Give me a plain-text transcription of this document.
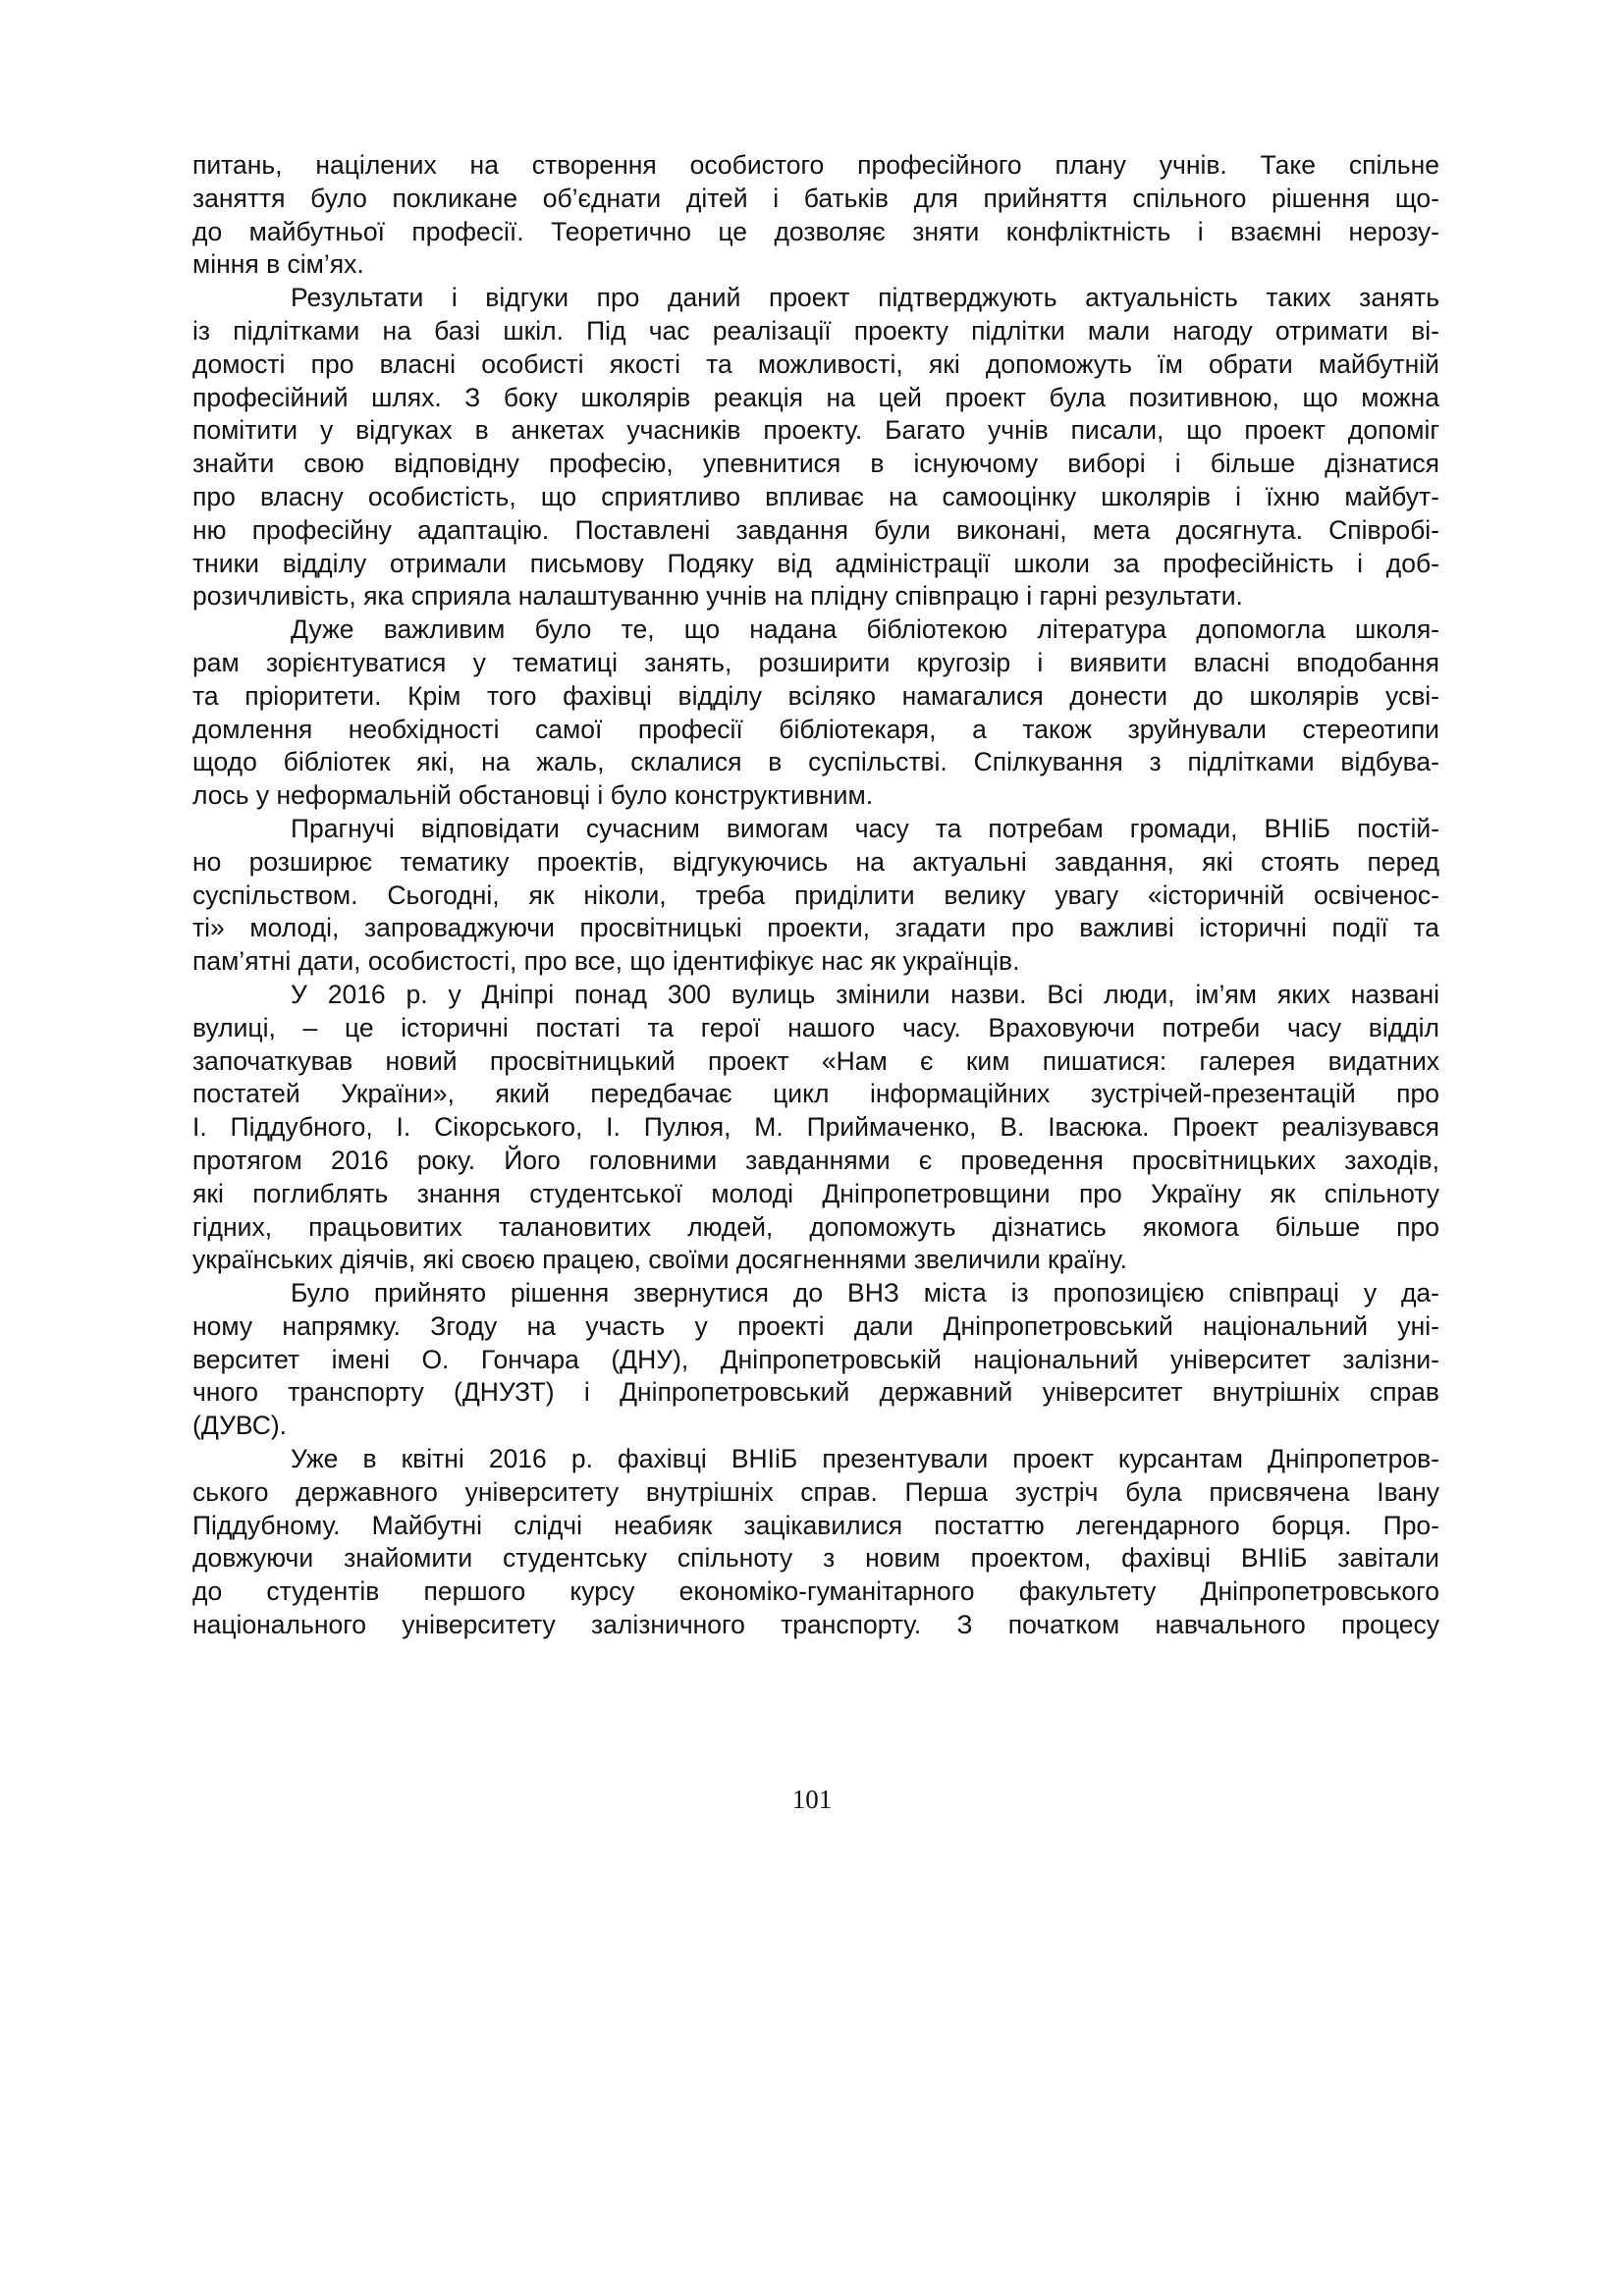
питань, націлених на створення особистого професійного плану учнів. Таке спільне
заняття було покликане об’єднати дітей і батьків для прийняття спільного рішення що-
до майбутньої професії. Теоретично це дозволяє зняти конфліктність і взаємні нерозу-
міння в сім’ях.

Результати і відгуки про даний проект підтверджують актуальність таких занять
із підлітками на базі шкіл. Під час реалізації проекту підлітки мали нагоду отримати ві-
домості про власні особисті якості та можливості, які допоможуть їм обрати майбутній
професійний шлях. З боку школярів реакція на цей проект була позитивною, що можна
помітити у відгуках в анкетах учасників проекту. Багато учнів писали, що проект допоміг
знайти свою відповідну професію, упевнитися в існуючому виборі і більше дізнатися
про власну особистість, що сприятливо впливає на самооцінку школярів і їхню майбут-
ню професійну адаптацію. Поставлені завдання були виконані, мета досягнута. Співробі-
тники відділу отримали письмову Подяку від адміністрації школи за професійність і доб-
розичливість, яка сприяла налаштуванню учнів на плідну співпрацю і гарні результати.

Дуже важливим було те, що надана бібліотекою література допомогла школя-
рам зорієнтуватися у тематиці занять, розширити кругозір і виявити власні вподобання
та пріоритети. Крім того фахівці відділу всіляко намагалися донести до школярів усві-
домлення необхідності самої професії бібліотекаря, а також зруйнували стереотипи
щодо бібліотек які, на жаль, склалися в суспільстві. Спілкування з підлітками відбува-
лось у неформальній обстановці і було конструктивним.

Прагнучі відповідати сучасним вимогам часу та потребам громади, ВНІіБ постій-
но розширює тематику проектів, відгукуючись на актуальні завдання, які стоять перед
суспільством. Сьогодні, як ніколи, треба приділити велику увагу «історичній освіченос-
ті» молоді, запроваджуючи просвітницькі проекти, згадати про важливі історичні події та
пам’ятні дати, особистості, про все, що ідентифікує нас як українців.

У 2016 р. у Дніпрі понад 300 вулиць змінили назви. Всі люди, ім’ям яких названі
вулиці, – це історичні постаті та герої нашого часу. Враховуючи потреби часу відділ
започаткував новий просвітницький проект «Нам є ким пишатися: галерея видатних
постатей України», який передбачає цикл інформаційних зустрічей-презентацій про
І. Піддубного, І. Сікорського, І. Пулюя, М. Приймаченко, В. Івасюка. Проект реалізувався
протягом 2016 року. Його головними завданнями є проведення просвітницьких заходів,
які поглиблять знання студентської молоді Дніпропетровщини про Україну як спільноту
гідних, працьовитих талановитих людей, допоможуть дізнатись якомога більше про
українських діячів, які своєю працею, своїми досягненнями звеличили країну.

Було прийнято рішення звернутися до ВНЗ міста із пропозицією співпраці у да-
ному напрямку. Згоду на участь у проекті дали Дніпропетровський національний уні-
верситет імені О. Гончара (ДНУ), Дніпропетровській національний університет залізни-
чного транспорту (ДНУЗТ) і Дніпропетровський державний університет внутрішніх справ
(ДУВС).

Уже в квітні 2016 р. фахівці ВНІіБ презентували проект курсантам Дніпропетров-
ського державного університету внутрішніх справ. Перша зустріч була присвячена Івану
Піддубному. Майбутні слідчі неабияк зацікавилися постаттю легендарного борця. Про-
довжуючи знайомити студентську спільноту з новим проектом, фахівці ВНІіБ завітали
до студентів першого курсу економіко-гуманітарного факультету Дніпропетровського
національного університету залізничного транспорту. З початком навчального процесу

101
